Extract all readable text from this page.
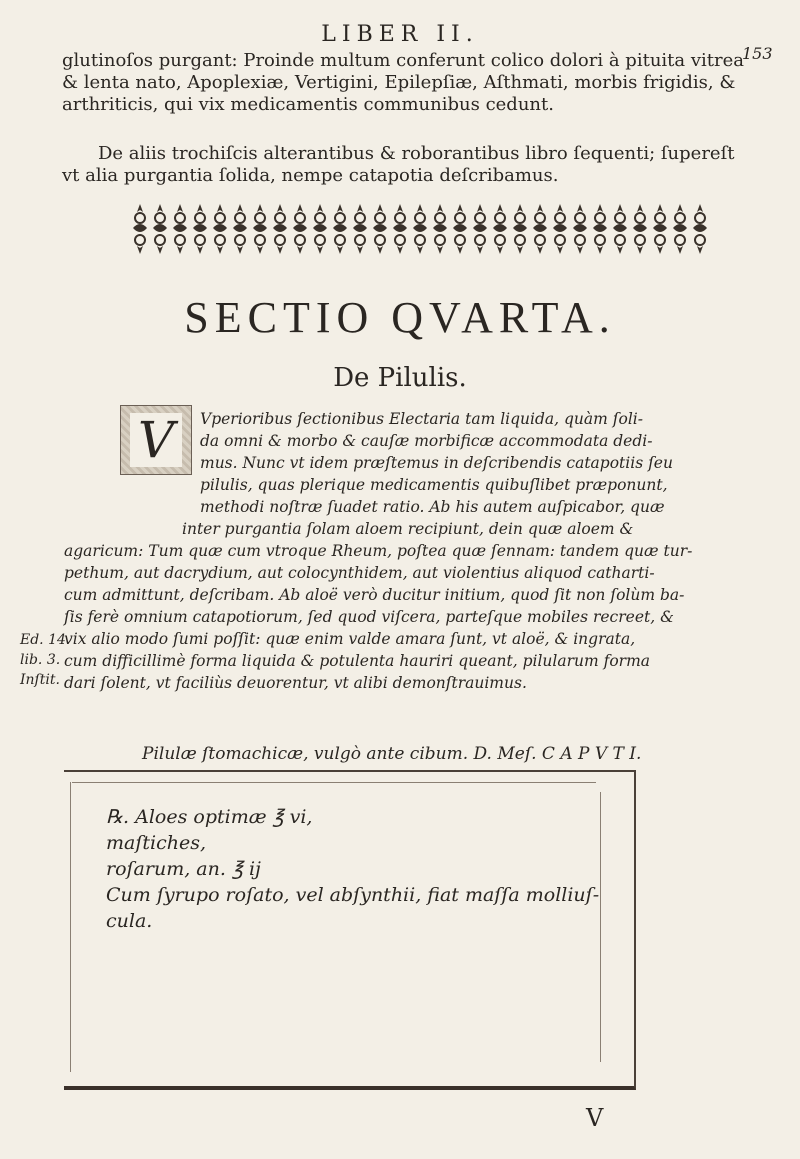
LIBER II.
153
glutinoſos purgant: Proinde multum conferunt colico dolori à pituita vitrea & lenta nato, Apoplexiæ, Vertigini, Epilepſiæ, Aſthmati, morbis frigidis, & arthriticis, qui vix medicamentis communibus cedunt.
De aliis trochiſcis alterantibus & roborantibus libro ſequenti; ſupereſt vt alia purgantia ſolida, nempe catapotia deſcribamus.
SECTIO QVARTA.
De Pilulis.
V	Vperioribus ſectionibus Electaria tam liquida, quàm ſoli-
da omni & morbo & cauſæ morbificæ accommodata dedi-
mus. Nunc vt idem præſtemus in deſcribendis catapotiis ſeu
pilulis, quas plerique medicamentis quibuſlibet præponunt,
methodi noſtræ ſuadet ratio. Ab his autem auſpicabor, quæ
inter purgantia ſolam aloem recipiunt, dein quæ aloem &
agaricum: Tum quæ cum vtroque Rheum, poſtea quæ ſennam: tandem quæ tur-
pethum, aut dacrydium, aut colocynthidem, aut violentius aliquod catharti-
cum admittunt, deſcribam. Ab aloë verò ducitur initium, quod ſit non ſolùm ba-
ſis ferè omnium catapotiorum, ſed quod viſcera, parteſque mobiles recreet, &
vix alio modo ſumi poſſit: quæ enim valde amara ſunt, vt aloë, & ingrata,
cum difficillimè forma liquida & potulenta hauriri queant, pilularum forma
dari ſolent, vt faciliùs deuorentur, vt alibi demonſtrauimus.
Ed. 14.
lib. 3.
Inſtit.
Pilulæ ſtomachicæ, vulgò ante cibum. D. Meſ. C A P V T I.
℞. Aloes optimæ ℥ vi,
maſtiches,
roſarum, an. ℥ ij
Cum ſyrupo roſato, vel abſynthii, fiat maſſa molliuſ-
cula.
V
